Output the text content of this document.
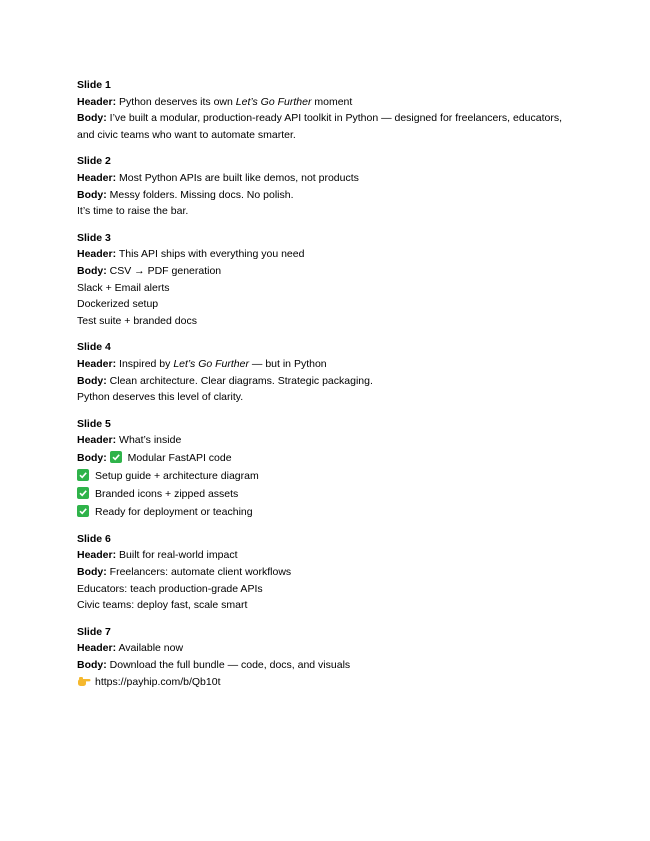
Slide 1
Header: Python deserves its own Let’s Go Further moment
Body: I’ve built a modular, production-ready API toolkit in Python — designed for freelancers, educators, and civic teams who want to automate smarter.
Slide 2
Header: Most Python APIs are built like demos, not products
Body: Messy folders. Missing docs. No polish.
It’s time to raise the bar.
Slide 3
Header: This API ships with everything you need
Body: CSV → PDF generation
Slack + Email alerts
Dockerized setup
Test suite + branded docs
Slide 4
Header: Inspired by Let’s Go Further — but in Python
Body: Clean architecture. Clear diagrams. Strategic packaging.
Python deserves this level of clarity.
Slide 5
Header: What’s inside
Body: Modular FastAPI code
Setup guide + architecture diagram
Branded icons + zipped assets
Ready for deployment or teaching
Slide 6
Header: Built for real-world impact
Body: Freelancers: automate client workflows
Educators: teach production-grade APIs
Civic teams: deploy fast, scale smart
Slide 7
Header: Available now
Body: Download the full bundle — code, docs, and visuals
https://payhip.com/b/Qb10t
